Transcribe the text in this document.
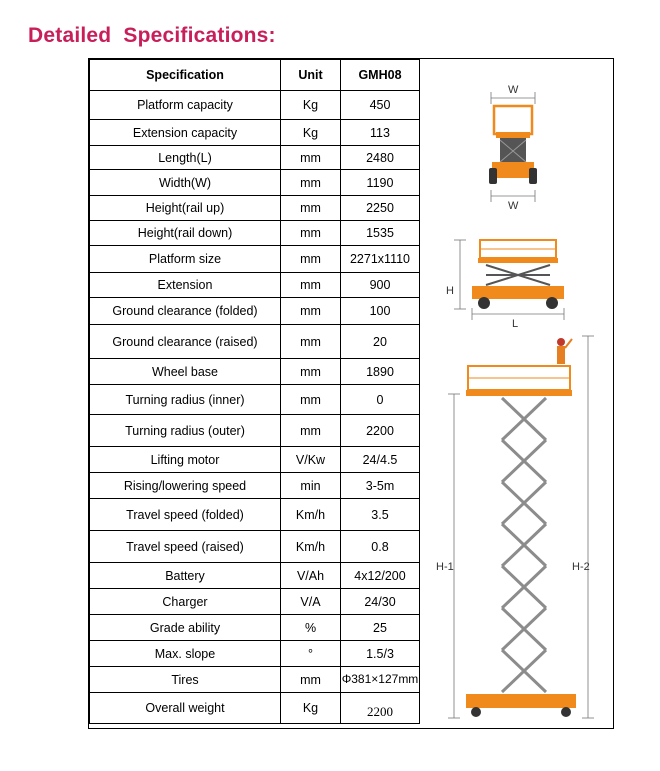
Detailed  Specifications:
Specification	Unit	GMH08
Platform capacity	Kg	450
Extension capacity	Kg	113
Length(L)	mm	2480
Width(W)	mm	1190
Height(rail up)	mm	2250
Height(rail down)	mm	1535
Platform size	mm	2271x1110
Extension	mm	900
Ground clearance (folded)	mm	100
Ground clearance (raised)	mm	20
Wheel base	mm	1890
Turning radius (inner)	mm	0
Turning radius (outer)	mm	2200
Lifting motor	V/Kw	24/4.5
Rising/lowering speed	min	3-5m
Travel speed (folded)	Km/h	3.5
Travel speed (raised)	Km/h	0.8
Battery	V/Ah	4x12/200
Charger	V/A	24/30
Grade ability	%	25
Max. slope	°	1.5/3
Tires	mm	Φ381×127mm
Overall weight	Kg	2200
W
W
H
L
H-1	H-2
